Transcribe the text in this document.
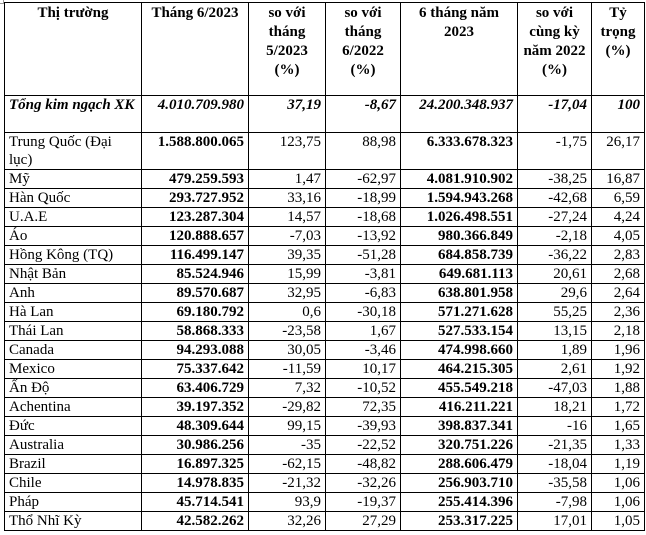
Thị trường	Tháng 6/2023	so với tháng 5/2023 (%)	so với tháng 6/2022 (%)	6 tháng năm 2023	so với cùng kỳ năm 2022 (%)	Tỷ trọng (%)
Tổng kim ngạch XK	4.010.709.980	37,19	-8,67	24.200.348.937	-17,04	100
Trung Quốc (Đại lục)	1.588.800.065	123,75	88,98	6.333.678.323	-1,75	26,17
Mỹ	479.259.593	1,47	-62,97	4.081.910.902	-38,25	16,87
Hàn Quốc	293.727.952	33,16	-18,99	1.594.943.268	-42,68	6,59
U.A.E	123.287.304	14,57	-18,68	1.026.498.551	-27,24	4,24
Áo	120.888.657	-7,03	-13,92	980.366.849	-2,18	4,05
Hồng Kông (TQ)	116.499.147	39,35	-51,28	684.858.739	-36,22	2,83
Nhật Bản	85.524.946	15,99	-3,81	649.681.113	20,61	2,68
Anh	89.570.687	32,95	-6,83	638.801.958	29,6	2,64
Hà Lan	69.180.792	0,6	-30,18	571.271.628	55,25	2,36
Thái Lan	58.868.333	-23,58	1,67	527.533.154	13,15	2,18
Canada	94.293.088	30,05	-3,46	474.998.660	1,89	1,96
Mexico	75.337.642	-11,59	10,17	464.215.305	2,61	1,92
Ấn Độ	63.406.729	7,32	-10,52	455.549.218	-47,03	1,88
Achentina	39.197.352	-29,82	72,35	416.211.221	18,21	1,72
Đức	48.309.644	99,15	-39,93	398.837.341	-16	1,65
Australia	30.986.256	-35	-22,52	320.751.226	-21,35	1,33
Brazil	16.897.325	-62,15	-48,82	288.606.479	-18,04	1,19
Chile	14.978.835	-21,32	-32,26	256.903.710	-35,58	1,06
Pháp	45.714.541	93,9	-19,37	255.414.396	-7,98	1,06
Thổ Nhĩ Kỳ	42.582.262	32,26	27,29	253.317.225	17,01	1,05
